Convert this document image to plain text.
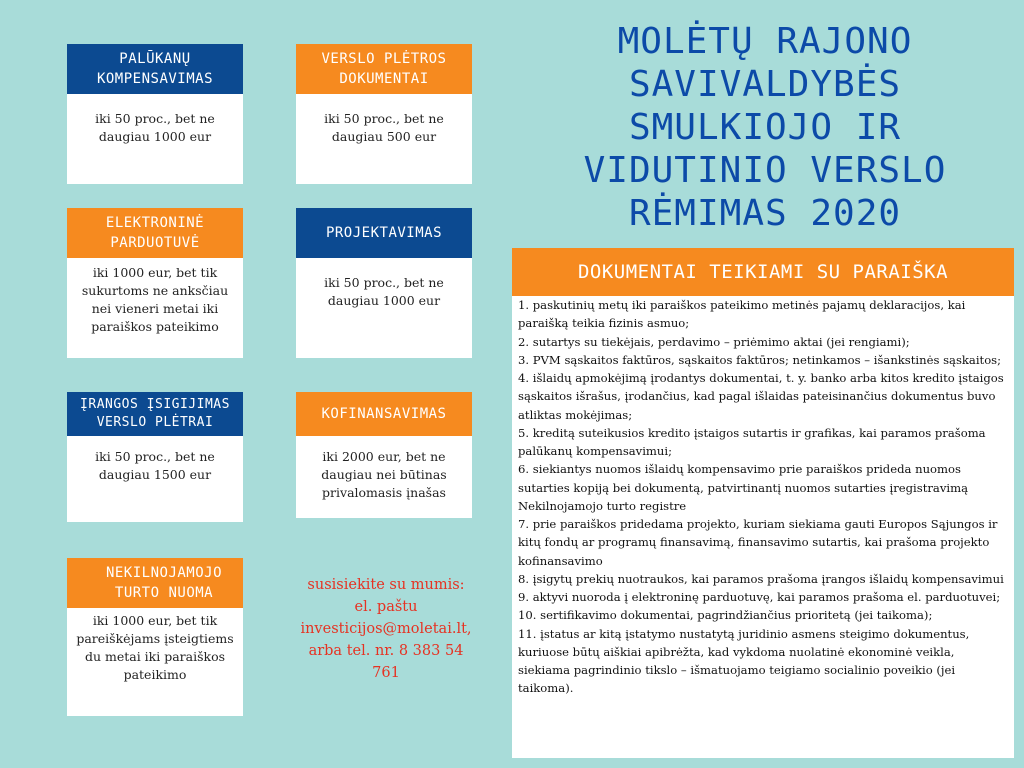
MOLĖTŲ RAJONO SAVIVALDYBĖS SMULKIOJO IR VIDUTINIO VERSLO RĖMIMAS 2020
PALŪKANŲ KOMPENSAVIMAS
iki 50 proc., bet ne daugiau 1000 eur
VERSLO PLĖTROS DOKUMENTAI
iki 50 proc., bet ne daugiau 500 eur
ELEKTRONINĖ PARDUOTUVĖ
iki 1000 eur, bet tik sukurtoms ne anksčiau nei vieneri metai iki paraiškos pateikimo
PROJEKTAVIMAS
iki 50 proc., bet ne daugiau 1000 eur
ĮRANGOS ĮSIGIJIMAS VERSLO PLĖTRAI
iki 50 proc., bet ne daugiau 1500 eur
KOFINANSAVIMAS
iki 2000 eur, bet ne daugiau nei būtinas privalomasis įnašas
NEKILNOJAMOJO TURTO NUOMA
iki 1000 eur, bet tik pareiškėjams įsteigtiems du metai iki paraiškos pateikimo
susisiekite su mumis:
el. paštu
investicijos@moletai.lt,
arba tel. nr. 8 383 54
761
DOKUMENTAI TEIKIAMI SU PARAIŠKA

1. paskutinių metų iki paraiškos pateikimo metinės pajamų deklaracijos, kai paraišką teikia fizinis asmuo;

2. sutartys su tiekėjais, perdavimo – priėmimo aktai (jei rengiami);

3. PVM sąskaitos faktūros, sąskaitos faktūros; netinkamos – išankstinės sąskaitos;

4. išlaidų apmokėjimą įrodantys dokumentai, t. y. banko arba kitos kredito įstaigos sąskaitos išrašus, įrodančius, kad pagal išlaidas pateisinančius dokumentus buvo atliktas mokėjimas;

5. kreditą suteikusios kredito įstaigos sutartis ir grafikas, kai paramos prašoma palūkanų kompensavimui;

6. siekiantys nuomos išlaidų kompensavimo prie paraiškos prideda nuomos sutarties kopiją bei dokumentą, patvirtinantį nuomos sutarties įregistravimą Nekilnojamojo turto registre

7. prie paraiškos pridedama projekto, kuriam siekiama gauti Europos Sąjungos ir kitų fondų ar programų finansavimą, finansavimo sutartis, kai prašoma projekto kofinansavimo

8. įsigytų prekių nuotraukos, kai paramos prašoma įrangos išlaidų kompensavimui

9. aktyvi nuoroda į elektroninę parduotuvę, kai paramos prašoma el. parduotuvei;

10. sertifikavimo dokumentai, pagrindžiančius prioritetą (jei taikoma);

11. įstatus ar kitą įstatymo nustatytą juridinio asmens steigimo dokumentus, kuriuose būtų aiškiai apibrėžta, kad vykdoma nuolatinė ekonominė veikla, siekiama pagrindinio tikslo – išmatuojamo teigiamo socialinio poveikio (jei taikoma).
